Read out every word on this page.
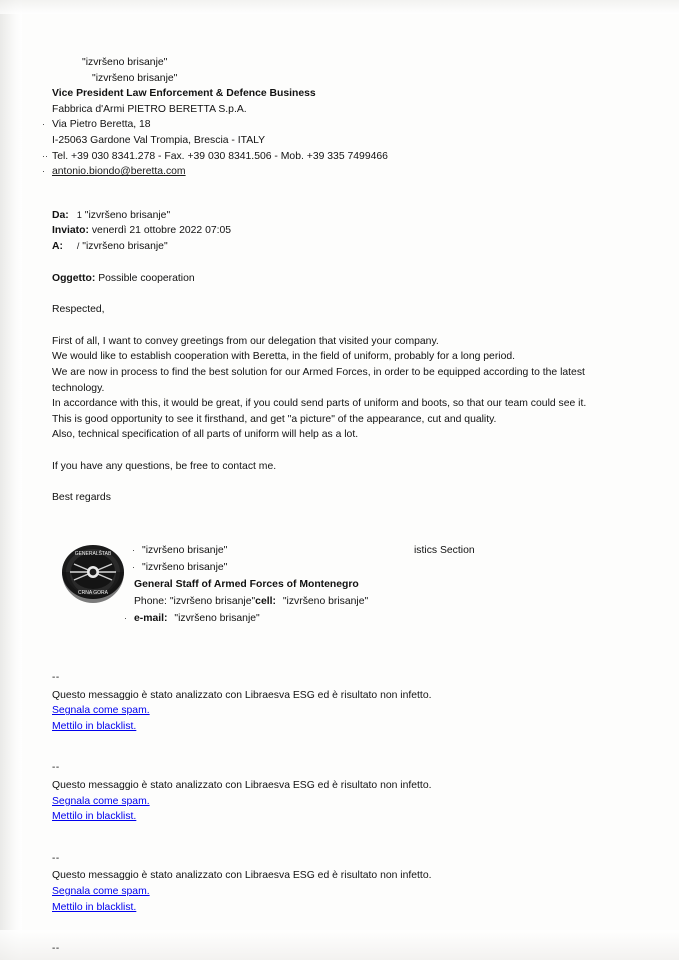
"izvršeno brisanje"
"izvršeno brisanje"
Vice President Law Enforcement & Defence Business
Fabbrica d'Armi PIETRO BERETTA S.p.A.
· Via Pietro Beretta, 18
I-25063 Gardone Val Trompia, Brescia - ITALY
·· Tel. +39 030 8341.278 - Fax. +39 030 8341.506 - Mob. +39 335 7499466
· antonio.biondo@beretta.com
Da: 1 "izvršeno brisanje"
Inviato: venerdì 21 ottobre 2022 07:05
A: / "izvršeno brisanje"
Oggetto: Possible cooperation
Respected,

First of all, I want to convey greetings from our delegation that visited your company.

We would like to establish cooperation with Beretta, in the field of uniform, probably for a long period.

We are now in process to find the best solution for our Armed Forces, in order to be equipped according to the latest technology.

In accordance with this, it would be great, if you could send parts of uniform and boots, so that our team could see it.

This is good opportunity to see it firsthand, and get "a picture" of the appearance, cut and quality.

Also, technical specification of all parts of uniform will help as a lot.

If you have any questions, be free to contact me.
Best regards
GENERALŠTAB
CRNA GORA
· "izvršeno brisanje"	istics Section
· "izvršeno brisanje"
General Staff of Armed Forces of Montenegro
Phone: "izvršeno brisanje"cell: "izvršeno brisanje"
· e-mail: "izvršeno brisanje"
--
Questo messaggio è stato analizzato con Libraesva ESG ed è risultato non infetto.
Segnala come spam.
Mettilo in blacklist.
--
Questo messaggio è stato analizzato con Libraesva ESG ed è risultato non infetto.
Segnala come spam.
Mettilo in blacklist.
--
Questo messaggio è stato analizzato con Libraesva ESG ed è risultato non infetto.
Segnala come spam.
Mettilo in blacklist.
--
